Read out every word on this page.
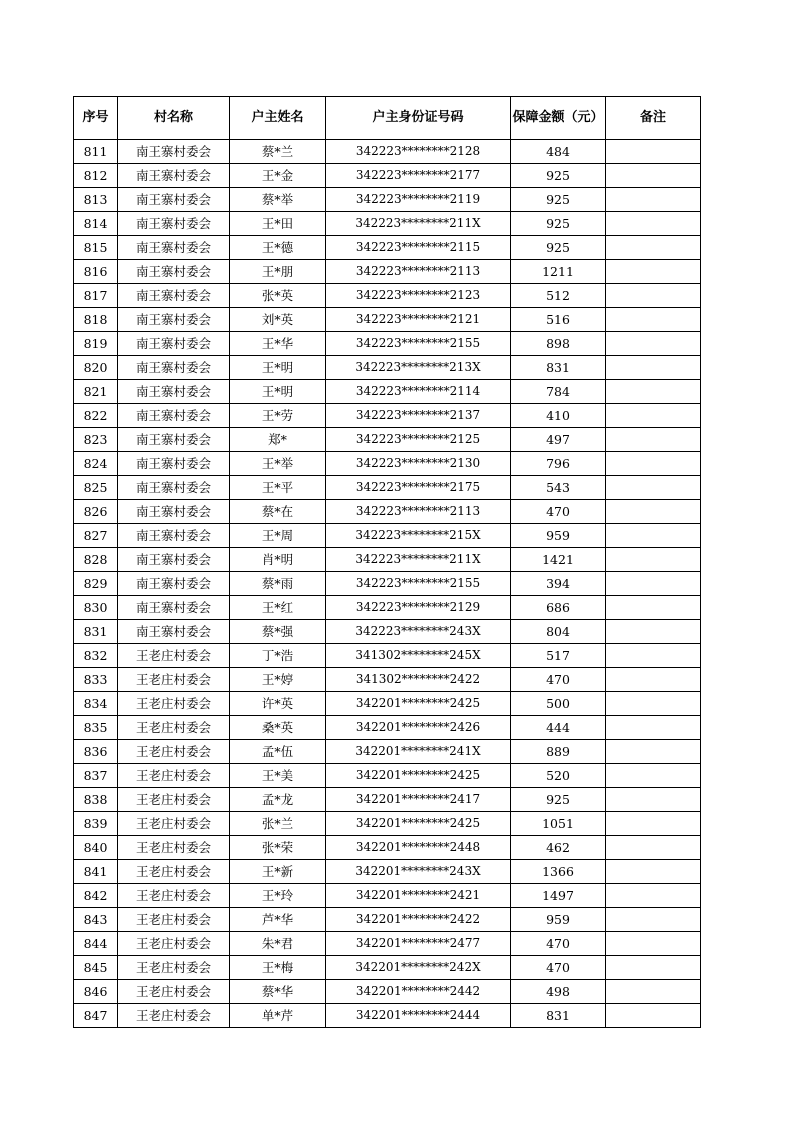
序号	村名称	户主姓名	户主身份证号码	保障金额（元）	备注
811	南王寨村委会	蔡*兰	342223********2128	484	
812	南王寨村委会	王*金	342223********2177	925	
813	南王寨村委会	蔡*举	342223********2119	925	
814	南王寨村委会	王*田	342223********211X	925	
815	南王寨村委会	王*德	342223********2115	925	
816	南王寨村委会	王*朋	342223********2113	1211	
817	南王寨村委会	张*英	342223********2123	512	
818	南王寨村委会	刘*英	342223********2121	516	
819	南王寨村委会	王*华	342223********2155	898	
820	南王寨村委会	王*明	342223********213X	831	
821	南王寨村委会	王*明	342223********2114	784	
822	南王寨村委会	王*劳	342223********2137	410	
823	南王寨村委会	郑*	342223********2125	497	
824	南王寨村委会	王*举	342223********2130	796	
825	南王寨村委会	王*平	342223********2175	543	
826	南王寨村委会	蔡*在	342223********2113	470	
827	南王寨村委会	王*周	342223********215X	959	
828	南王寨村委会	肖*明	342223********211X	1421	
829	南王寨村委会	蔡*雨	342223********2155	394	
830	南王寨村委会	王*红	342223********2129	686	
831	南王寨村委会	蔡*强	342223********243X	804	
832	王老庄村委会	丁*浩	341302********245X	517	
833	王老庄村委会	王*婷	341302********2422	470	
834	王老庄村委会	许*英	342201********2425	500	
835	王老庄村委会	桑*英	342201********2426	444	
836	王老庄村委会	孟*伍	342201********241X	889	
837	王老庄村委会	王*美	342201********2425	520	
838	王老庄村委会	孟*龙	342201********2417	925	
839	王老庄村委会	张*兰	342201********2425	1051	
840	王老庄村委会	张*荣	342201********2448	462	
841	王老庄村委会	王*新	342201********243X	1366	
842	王老庄村委会	王*玲	342201********2421	1497	
843	王老庄村委会	芦*华	342201********2422	959	
844	王老庄村委会	朱*君	342201********2477	470	
845	王老庄村委会	王*梅	342201********242X	470	
846	王老庄村委会	蔡*华	342201********2442	498	
847	王老庄村委会	单*芹	342201********2444	831	
